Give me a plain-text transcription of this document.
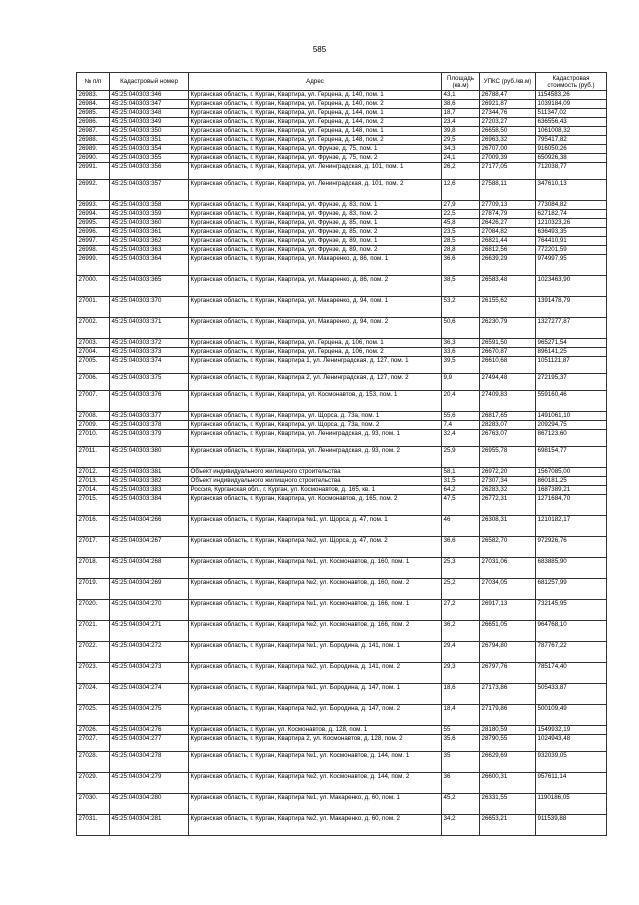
585
№ п/п	Кадастровый номер	Адрес	Площадь (кв.м)	УПКС (руб./кв.м)	Кадастровая стоимость (руб.)
26983.	45:25:040303:346	Курганская область, г. Курган, Квартира, ул. Герцена, д. 140, пом. 1	43,1	26788,47	1154583,26
26984.	45:25:040303:347	Курганская область, г. Курган, Квартира, ул. Герцена, д. 140, пом. 2	38,6	26921,87	1039184,09
26985.	45:25:040303:348	Курганская область, г. Курган, Квартира, ул. Герцена, д. 144, пом. 1	18,7	27344,76	511347,02
26986.	45:25:040303:349	Курганская область, г. Курган, Квартира, ул. Герцена, д. 144, пом. 2	23,4	27203,27	636556,43
26987.	45:25:040303:350	Курганская область, г. Курган, Квартира, ул. Герцена, д. 148, пом. 1	39,8	26658,50	1061008,32
26988.	45:25:040303:351	Курганская область, г. Курган, Квартира, ул. Герцена, д. 148, пом. 2	29,5	26963,32	795417,82
26989.	45:25:040303:354	Курганская область, г. Курган, Квартира, ул. Фрунзе, д. 75, пом. 1	34,3	26707,00	916050,26
26990.	45:25:040303:355	Курганская область, г. Курган, Квартира, ул. Фрунзе, д. 75, пом. 2	24,1	27009,39	650926,38
26991.	45:25:040303:356	Курганская область, г. Курган, Квартира, ул. Ленинградская, д. 101, пом. 1	26,2	27177,05	712038,77
26992.	45:25:040303:357	Курганская область, г. Курган, Квартира, ул. Ленинградская, д. 101, пом. 2	12,6	27588,11	347610,13
26993.	45:25:040303:358	Курганская область, г. Курган, Квартира, ул. Фрунзе, д. 83, пом. 1	27,9	27709,13	773084,82
26994.	45:25:040303:359	Курганская область, г. Курган, Квартира, ул. Фрунзе, д. 83, пом. 2	22,5	27874,79	627182,74
26995.	45:25:040303:360	Курганская область, г. Курган, Квартира, ул. Фрунзе, д. 85, пом. 1	45,8	26426,27	1210323,26
26996.	45:25:040303:361	Курганская область, г. Курган, Квартира, ул. Фрунзе, д. 85, пом. 2	23,5	27084,82	636493,35
26997.	45:25:040303:362	Курганская область, г. Курган, Квартира, ул. Фрунзе, д. 89, пом. 1	28,5	26821,44	764410,91
26998.	45:25:040303:363	Курганская область, г. Курган, Квартира, ул. Фрунзе, д. 89, пом. 2	28,8	26812,56	772201,59
26999.	45:25:040303:364	Курганская область, г. Курган, Квартира, ул. Макаренко, д. 86, пом. 1	36,6	26639,29	974997,95
27000.	45:25:040303:365	Курганская область, г. Курган, Квартира, ул. Макаренко, д. 86, пом. 2	38,5	26583,48	1023463,90
27001.	45:25:040303:370	Курганская область, г. Курган, Квартира, ул. Макаренко, д. 94, пом. 1	53,2	26155,62	1391478,79
27002.	45:25:040303:371	Курганская область, г. Курган, Квартира, ул. Макаренко, д. 94, пом. 2	50,6	26230,79	1327277,87
27003.	45:25:040303:372	Курганская область, г. Курган, Квартира, ул. Герцена, д. 106, пом. 1	36,3	26591,50	965271,54
27004.	45:25:040303:373	Курганская область, г. Курган, Квартира, ул. Герцена, д. 106, пом. 2	33,6	26670,87	896141,25
27005.	45:25:040303:374	Курганская область, г. Курган, Квартира 1, ул. Ленинградская, д. 127, пом. 1	39,5	26610,68	1051121,87
27006.	45:25:040303:375	Курганская область, г. Курган, Квартира 2, ул. Ленинградская, д. 127, пом. 2	9,9	27494,48	272195,37
27007.	45:25:040303:376	Курганская область, г. Курган, Квартира, ул. Космонавтов, д. 153, пом. 1	20,4	27409,83	559160,46
27008.	45:25:040303:377	Курганская область, г. Курган, Квартира, ул. Щорса, д. 73а, пом. 1	55,6	26817,65	1491061,10
27009.	45:25:040303:378	Курганская область, г. Курган, Квартира, ул. Щорса, д. 73а, пом. 2	7,4	28283,07	209294,75
27010.	45:25:040303:379	Курганская область, г. Курган, Квартира, ул. Ленинградская, д. 93, пом. 1	32,4	26763,07	867123,60
27011.	45:25:040303:380	Курганская область, г. Курган, Квартира, ул. Ленинградская, д. 93, пом. 2	25,9	26955,78	698154,77
27012.	45:25:040303:381	Объект индивидуального жилищного строительства	58,1	26972,20	1567085,00
27013.	45:25:040303:382	Объект индивидуального жилищного строительства	31,5	27307,34	860181,25
27014.	45:25:040303:383	Россия, Курганская обл., г. Курган, ул. Космонавтов, д. 165, кв. 1	64,2	26283,32	1687389,21
27015.	45:25:040303:384	Курганская область, г. Курган, Квартира, ул. Космонавтов, д. 165, пом. 2	47,5	26772,31	1271684,70
27016.	45:25:040304:266	Курганская область, г. Курган, Квартира №1, ул. Щорса, д. 47, пом. 1	46	26308,31	1210182,17
27017.	45:25:040304:267	Курганская область, г. Курган, Квартира №2, ул. Щорса, д. 47, пом. 2	36,6	26582,70	972926,76
27018.	45:25:040304:268	Курганская область, г. Курган, Квартира №1, ул. Космонавтов, д. 160, пом. 1	25,3	27031,06	683885,90
27019.	45:25:040304:269	Курганская область, г. Курган, Квартира №2, ул. Космонавтов, д. 160, пом. 2	25,2	27034,05	681257,99
27020.	45:25:040304:270	Курганская область, г. Курган, Квартира №1, ул. Космонавтов, д. 166, пом. 1	27,2	26917,13	732145,95
27021.	45:25:040304:271	Курганская область, г. Курган, Квартира №2, ул. Космонавтов, д. 166, пом. 2	36,2	26651,05	964768,10
27022.	45:25:040304:272	Курганская область, г. Курган, Квартира №1, ул. Бородина, д. 141, пом. 1	29,4	26794,80	787767,22
27023.	45:25:040304:273	Курганская область, г. Курган, Квартира №2, ул. Бородина, д. 141, пом. 2	29,3	26797,76	785174,40
27024.	45:25:040304:274	Курганская область, г. Курган, Квартира №1, ул. Бородина, д. 147, пом. 1	18,6	27173,86	505433,87
27025.	45:25:040304:275	Курганская область, г. Курган, Квартира №2, ул. Бородина, д. 147, пом. 2	18,4	27179,86	500109,49
27026.	45:25:040304:276	Курганская область, г. Курган, ул. Космонавтов, д. 128, пом. 1	55	28180,59	1549932,19
27027.	45:25:040304:277	Курганская область, г. Курган, Квартира 2, ул. Космонавтов, д. 128, пом. 2	35,6	28790,55	1024943,48
27028.	45:25:040304:278	Курганская область, г. Курган, Квартира №1, ул. Космонавтов, д. 144, пом. 1	35	26629,69	932039,05
27029.	45:25:040304:279	Курганская область, г. Курган, Квартира №2, ул. Космонавтов, д. 144, пом. 2	36	26600,31	957611,14
27030.	45:25:040304:280	Курганская область, г. Курган, Квартира №1, ул. Макаренко, д. 60, пом. 1	45,2	26331,55	1190186,05
27031.	45:25:040304:281	Курганская область, г. Курган, Квартира №2, ул. Макаренко, д. 60, пом. 2	34,2	26653,21	911539,88
